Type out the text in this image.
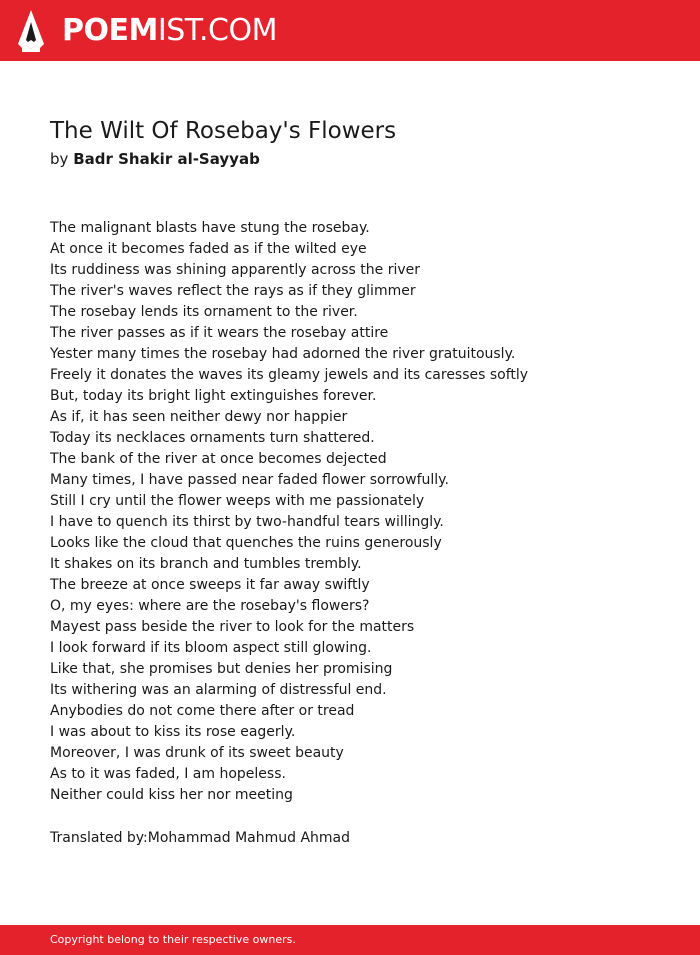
POEMIST.COM
The Wilt Of Rosebay's Flowers
by Badr Shakir al-Sayyab
The malignant blasts have stung the rosebay.
At once it becomes faded as if the wilted eye
Its ruddiness was shining apparently across the river
The river's waves reflect the rays as if they glimmer
The rosebay lends its ornament to the river.
The river passes as if it wears the rosebay attire
Yester many times the rosebay had adorned the river gratuitously.
Freely it donates the waves its gleamy jewels and its caresses softly
But, today its bright light extinguishes forever.
As if, it has seen neither dewy nor happier
Today its necklaces ornaments turn shattered.
The bank of the river at once becomes dejected
Many times, I have passed near faded flower sorrowfully.
Still I cry until the flower weeps with me passionately
I have to quench its thirst by two-handful tears willingly.
Looks like the cloud that quenches the ruins generously
It shakes on its branch and tumbles trembly.
The breeze at once sweeps it far away swiftly
O, my eyes: where are the rosebay's flowers?
Mayest pass beside the river to look for the matters
I look forward if its bloom aspect still glowing.
Like that, she promises but denies her promising
Its withering was an alarming of distressful end.
Anybodies do not come there after or tread
I was about to kiss its rose eagerly.
Moreover, I was drunk of its sweet beauty
As to it was faded, I am hopeless.
Neither could kiss her nor meeting
Translated by:Mohammad Mahmud Ahmad
Copyright belong to their respective owners.
